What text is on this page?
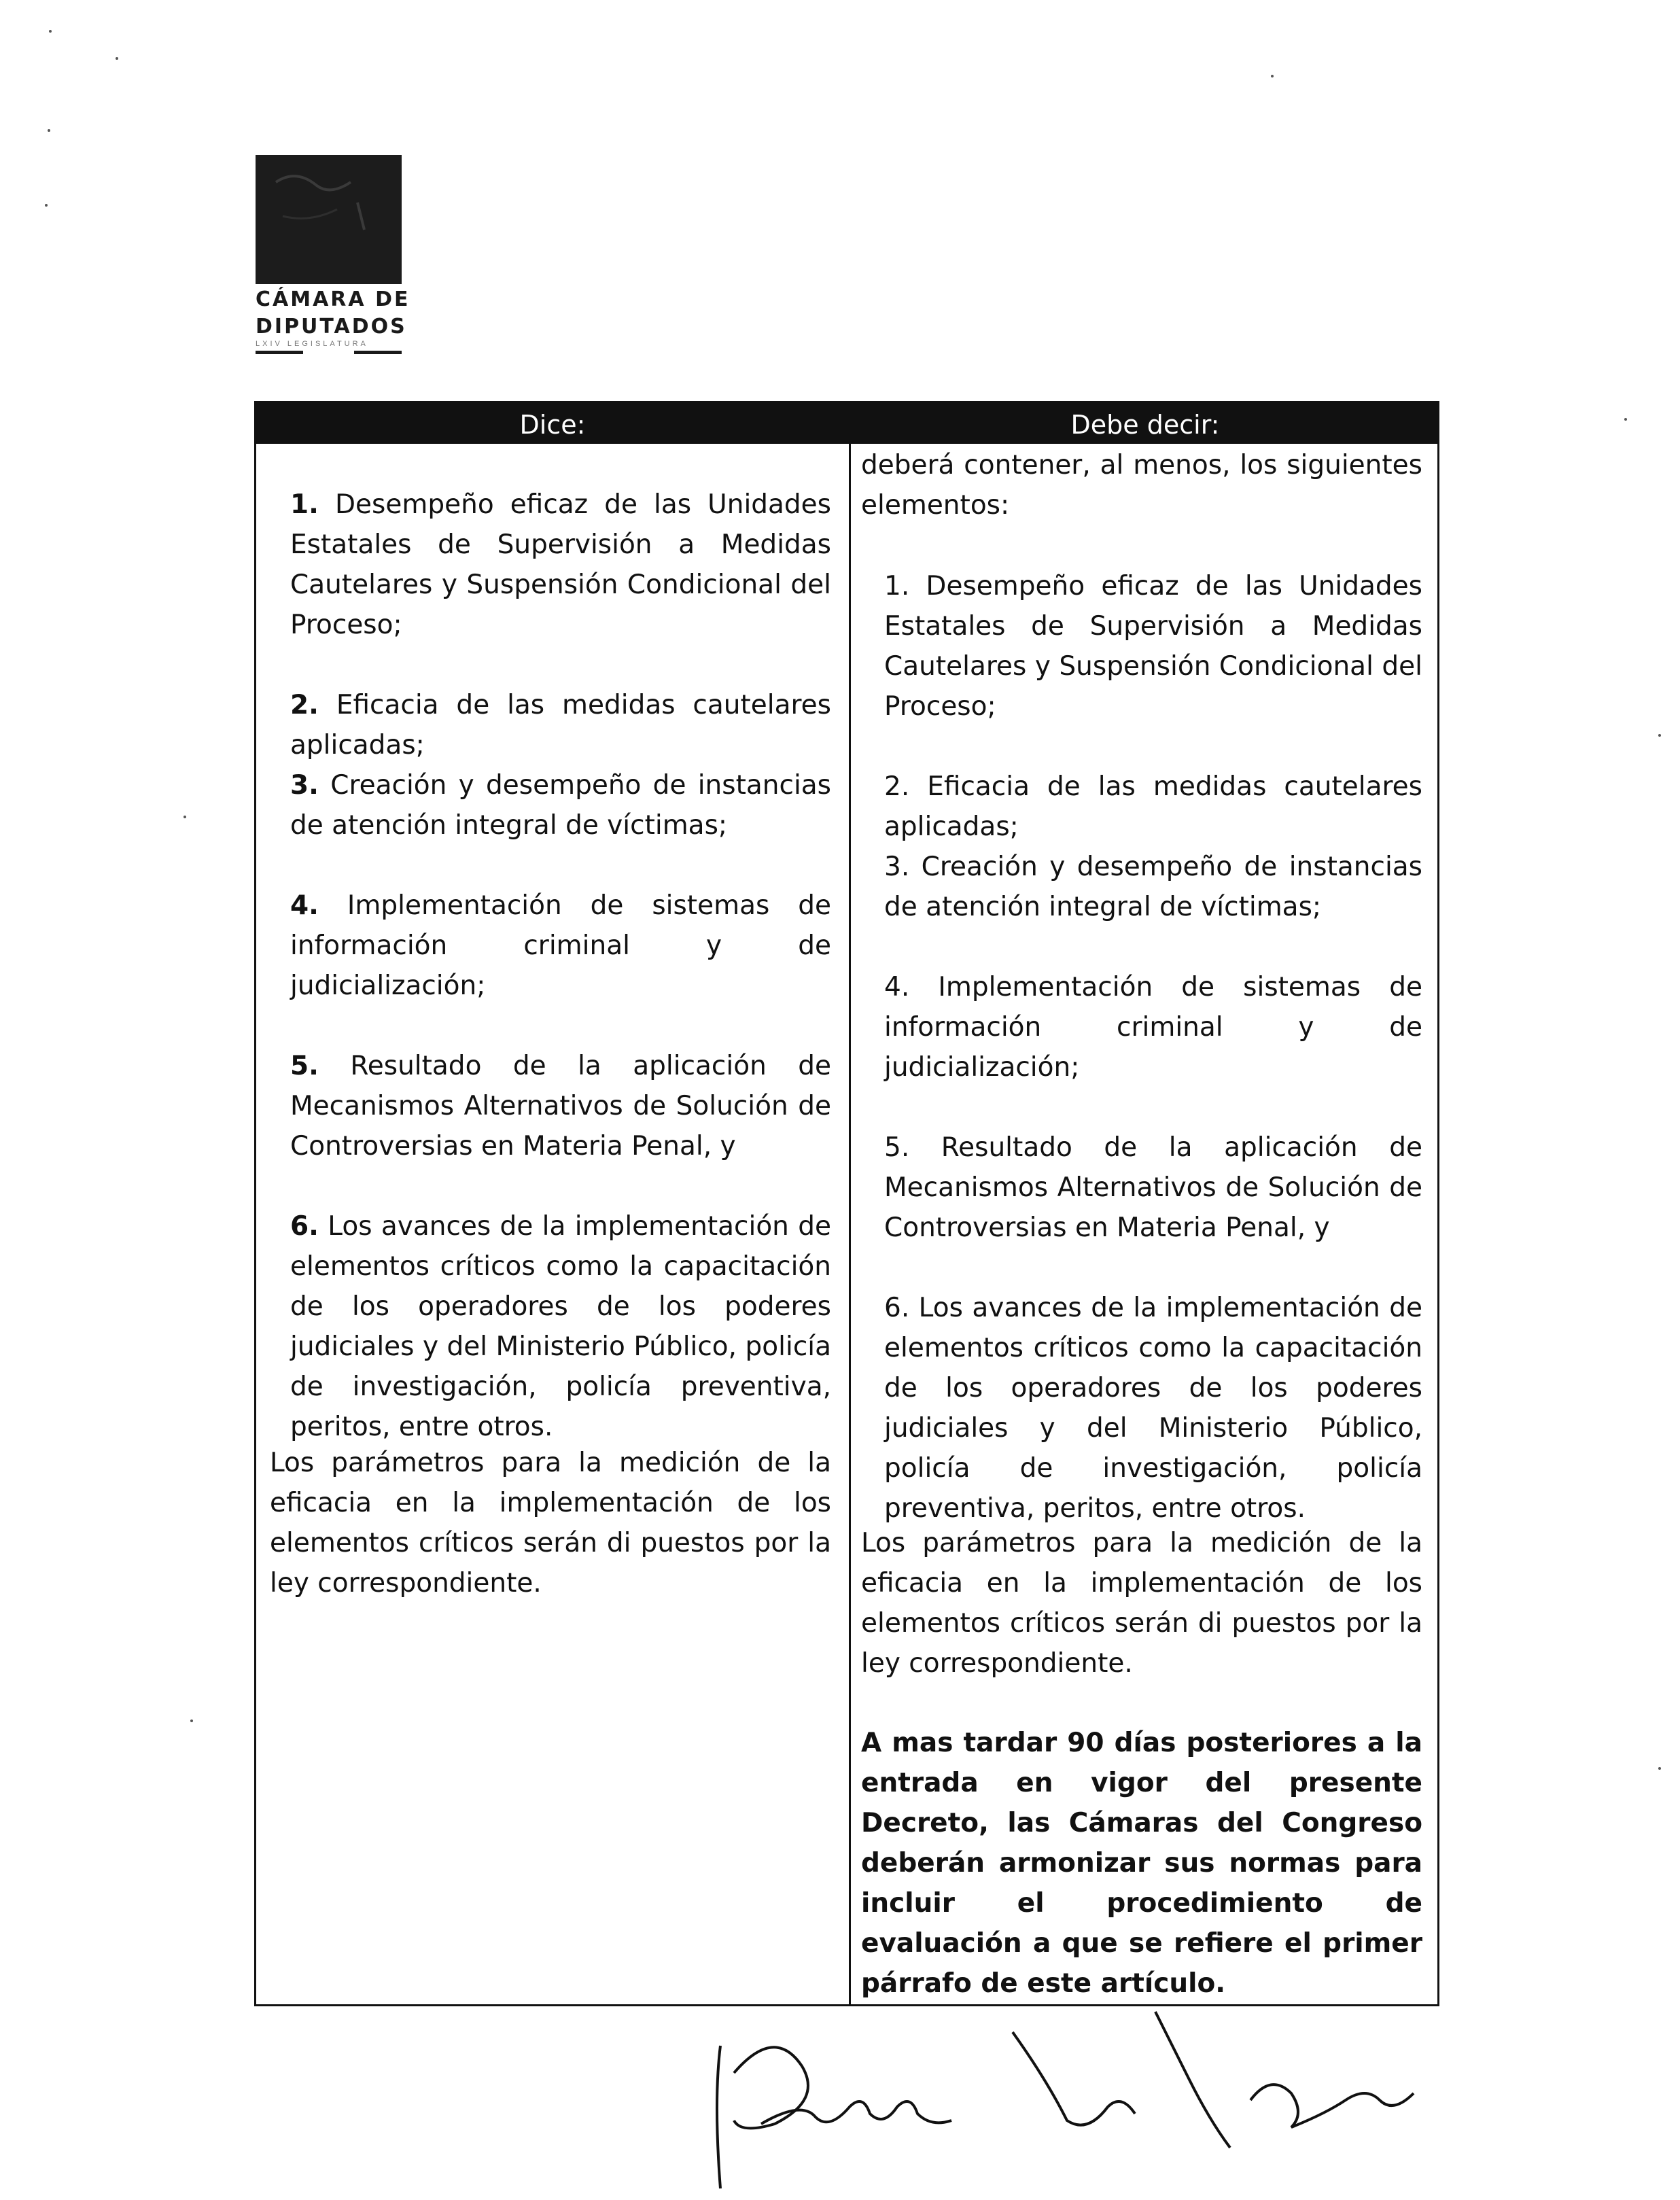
CÁMARA DE
DIPUTADOS
LXIV LEGISLATURA
Dice:	Debe decir:

1. Desempeño eficaz de las Unidades Estatales de Supervisión a Medidas Cautelares y Suspensión Condicional del Proceso;

2. Eficacia de las medidas cautelares aplicadas;

3. Creación y desempeño de instancias de atención integral de víctimas;

4. Implementación de sistemas de información criminal y de judicialización;

5. Resultado de la aplicación de Mecanismos Alternativos de Solución de Controversias en Materia Penal, y

6. Los avances de la implementación de elementos críticos como la capacitación de los operadores de los poderes judiciales y del Ministerio Público, policía de investigación, policía preventiva, peritos, entre otros.

Los parámetros para la medición de la eficacia en la implementación de los elementos críticos serán di puestos por la ley correspondiente.
deberá contener, al menos, los siguientes elementos:

1. Desempeño eficaz de las Unidades Estatales de Supervisión a Medidas Cautelares y Suspensión Condicional del Proceso;

2. Eficacia de las medidas cautelares aplicadas;

3. Creación y desempeño de instancias de atención integral de víctimas;

4. Implementación de sistemas de información criminal y de judicialización;

5. Resultado de la aplicación de Mecanismos Alternativos de Solución de Controversias en Materia Penal, y

6. Los avances de la implementación de elementos críticos como la capacitación de los operadores de los poderes judiciales y del Ministerio Público, policía de investigación, policía preventiva, peritos, entre otros.

Los parámetros para la medición de la eficacia en la implementación de los elementos críticos serán di puestos por la ley correspondiente.
A mas tardar 90 días posteriores a la entrada en vigor del presente Decreto, las Cámaras del Congreso deberán armonizar sus normas para incluir el procedimiento de evaluación a que se refiere el primer párrafo de este artículo.
